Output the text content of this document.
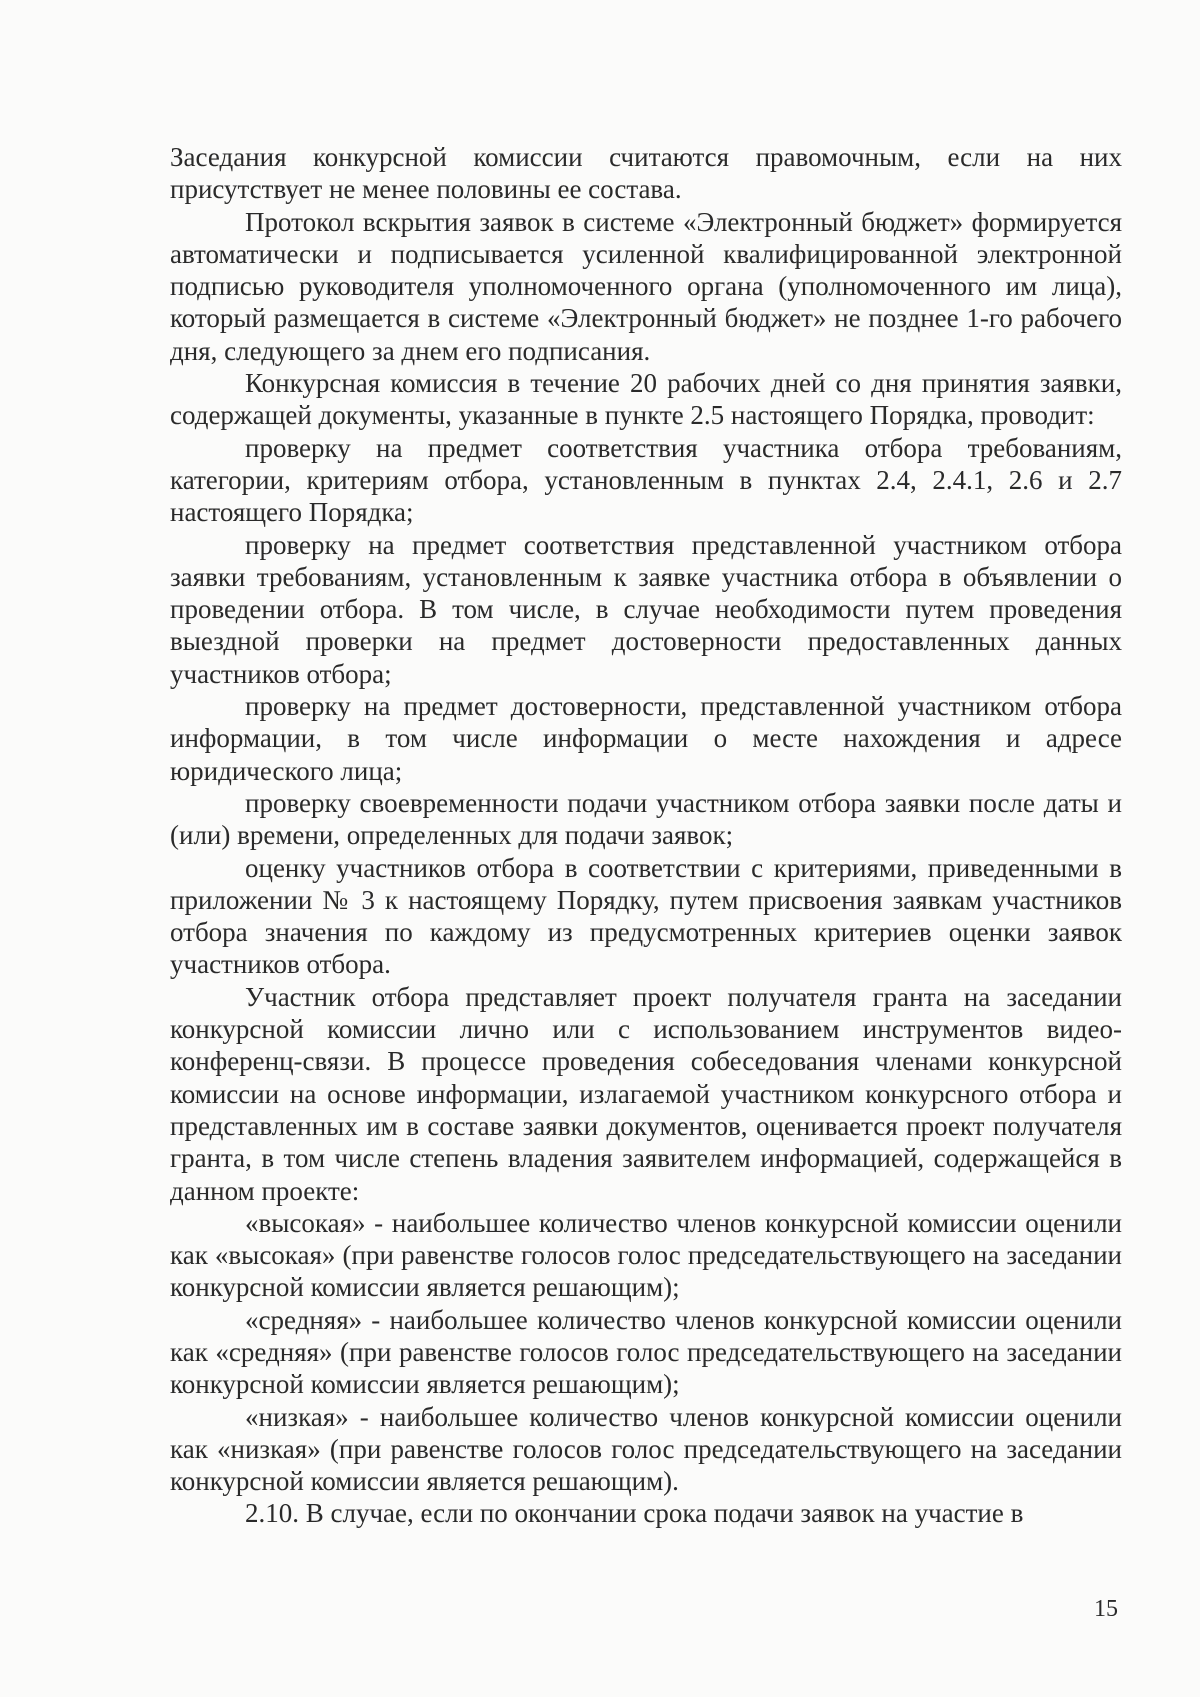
Заседания конкурсной комиссии считаются правомочным, если на них присутствует не менее половины ее состава.

Протокол вскрытия заявок в системе «Электронный бюджет» формируется автоматически и подписывается усиленной квалифицированной электронной подписью руководителя уполномоченного органа (уполномоченного им лица), который размещается в системе «Электронный бюджет» не позднее 1-го рабочего дня, следующего за днем его подписания.

Конкурсная комиссия в течение 20 рабочих дней со дня принятия заявки, содержащей документы, указанные в пункте 2.5 настоящего Порядка, проводит:

проверку на предмет соответствия участника отбора требованиям, категории, критериям отбора, установленным в пунктах 2.4, 2.4.1, 2.6 и 2.7 настоящего Порядка;

проверку на предмет соответствия представленной участником отбора заявки требованиям, установленным к заявке участника отбора в объявлении о проведении отбора. В том числе, в случае необходимости путем проведения выездной проверки на предмет достоверности предоставленных данных участников отбора;

проверку на предмет достоверности, представленной участником отбора информации, в том числе информации о месте нахождения и адресе юридического лица;

проверку своевременности подачи участником отбора заявки после даты и (или) времени, определенных для подачи заявок;

оценку участников отбора в соответствии с критериями, приведенными в приложении № 3 к настоящему Порядку, путем присвоения заявкам участников отбора значения по каждому из предусмотренных критериев оценки заявок участников отбора.

Участник отбора представляет проект получателя гранта на заседании конкурсной комиссии лично или с использованием инструментов видео-конференц-связи. В процессе проведения собеседования членами конкурсной комиссии на основе информации, излагаемой участником конкурсного отбора и представленных им в составе заявки документов, оценивается проект получателя гранта, в том числе степень владения заявителем информацией, содержащейся в данном проекте:

«высокая» - наибольшее количество членов конкурсной комиссии оценили как «высокая» (при равенстве голосов голос председательствующего на заседании конкурсной комиссии является решающим);

«средняя» - наибольшее количество членов конкурсной комиссии оценили как «средняя» (при равенстве голосов голос председательствующего на заседании конкурсной комиссии является решающим);

«низкая» - наибольшее количество членов конкурсной комиссии оценили как «низкая» (при равенстве голосов голос председательствующего на заседании конкурсной комиссии является решающим).

2.10. В случае, если по окончании срока подачи заявок на участие в

15
